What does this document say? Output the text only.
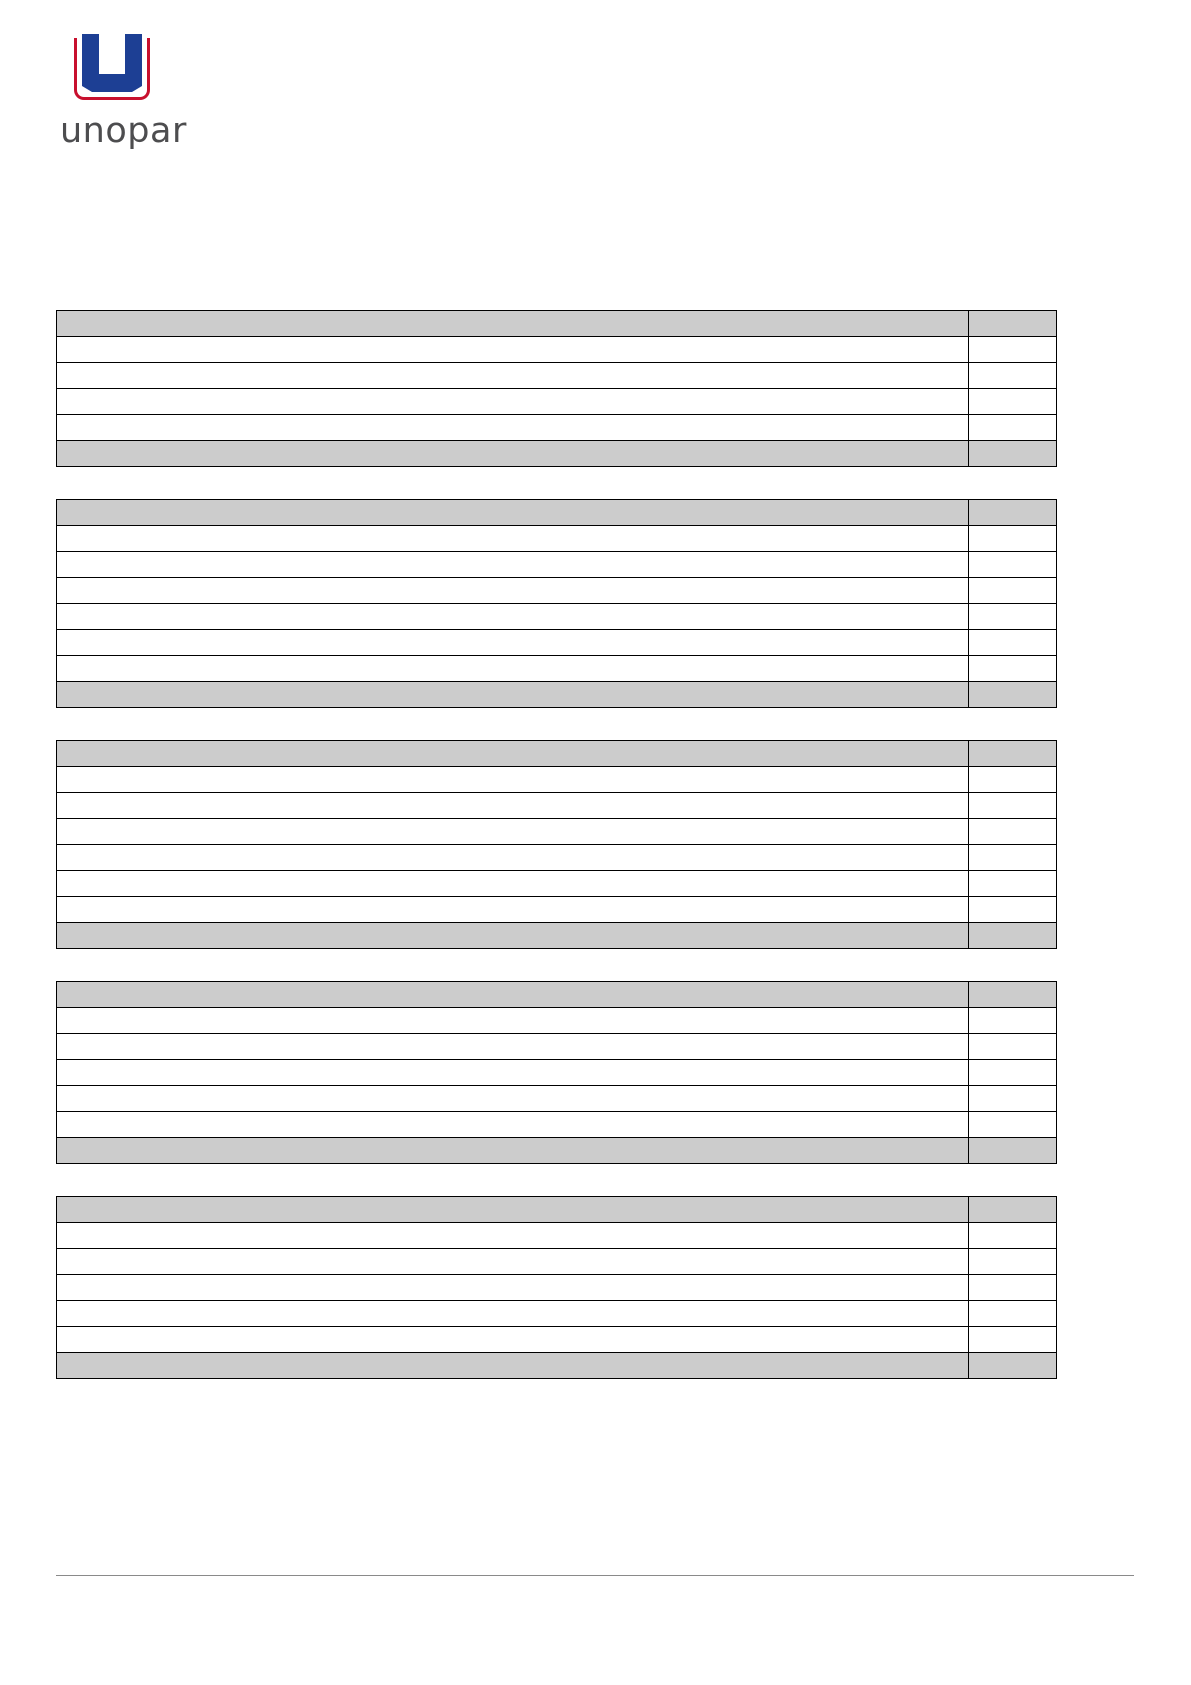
unopar
